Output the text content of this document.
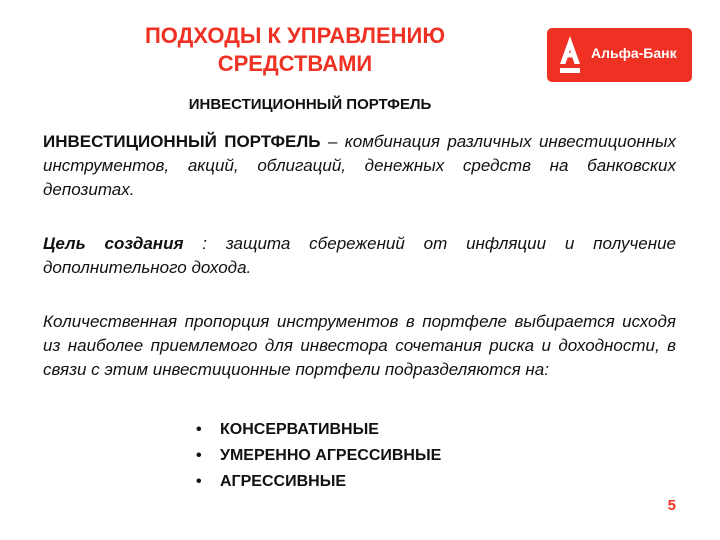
ПОДХОДЫ К УПРАВЛЕНИЮ
СРЕДСТВАМИ	Альфа-Банк
ИНВЕСТИЦИОННЫЙ ПОРТФЕЛЬ
ИНВЕСТИЦИОННЫЙ ПОРТФЕЛЬ – комбинация различных инвестиционных инструментов, акций, облигаций, денежных средств на банковских депозитах.
Цель создания : защита сбережений от инфляции и получение дополнительного дохода.
Количественная пропорция инструментов в портфеле выбирается исходя из наиболее приемлемого для инвестора сочетания риска и доходности, в связи с этим инвестиционные портфели подразделяются на:
• КОНСЕРВАТИВНЫЕ
• УМЕРЕННО АГРЕССИВНЫЕ
• АГРЕССИВНЫЕ
5
